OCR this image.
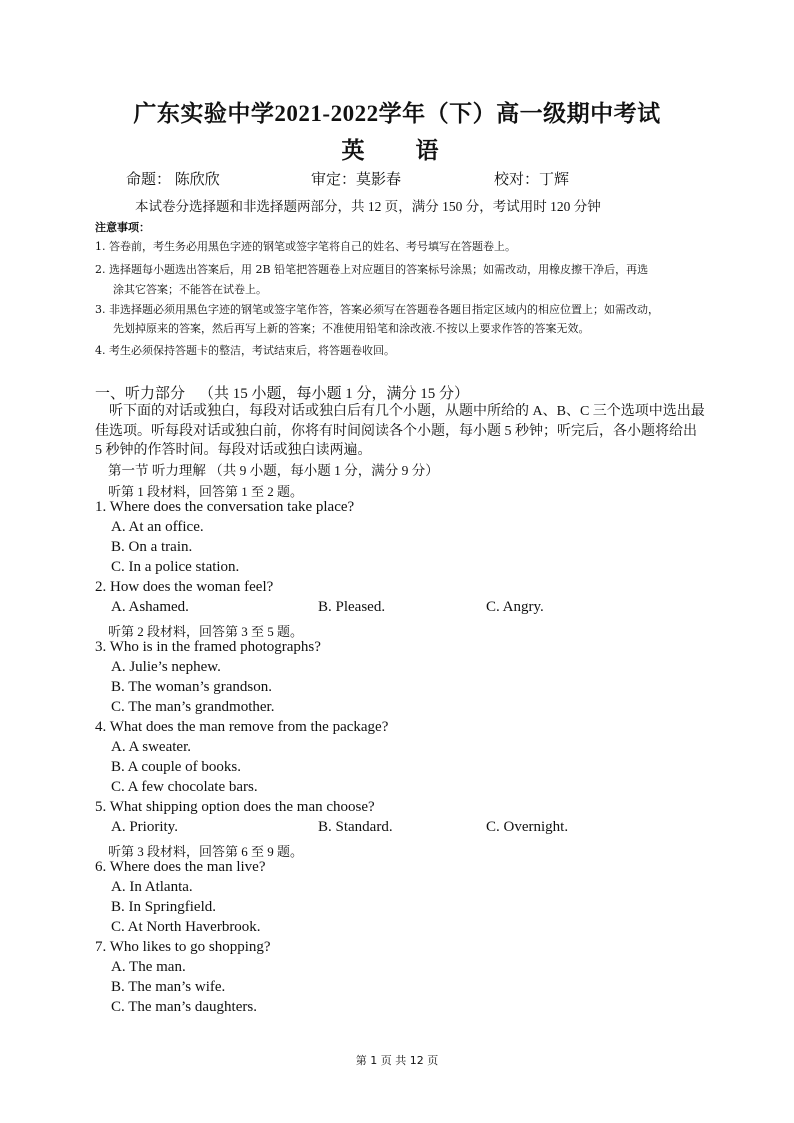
广东实验中学2021-2022学年（下）高一级期中考试
英　语
命题： 陈欣欣	审定：莫影春	校对：丁辉
本试卷分选择题和非选择题两部分，共 12 页，满分 150 分，考试用时 120 分钟
注意事项：
1. 答卷前，考生务必用黑色字迹的钢笔或签字笔将自己的姓名、考号填写在答题卷上。
2. 选择题每小题选出答案后，用 2B 铅笔把答题卷上对应题目的答案标号涂黑；如需改动，用橡皮擦干净后，再选
涂其它答案；不能答在试卷上。
3. 非选择题必须用黑色字迹的钢笔或签字笔作答，答案必须写在答题卷各题目指定区域内的相应位置上；如需改动，
先划掉原来的答案，然后再写上新的答案；不准使用铅笔和涂改液.不按以上要求作答的答案无效。
4. 考生必须保持答题卡的整洁，考试结束后，将答题卷收回。
一、听力部分 （共 15 小题，每小题 1 分，满分 15 分）
听下面的对话或独白，每段对话或独白后有几个小题，从题中所给的 A、B、C 三个选项中选出最
佳选项。听每段对话或独白前，你将有时间阅读各个小题，每小题 5 秒钟；听完后，各小题将给出
5 秒钟的作答时间。每段对话或独白读两遍。
第一节 听力理解 （共 9 小题，每小题 1 分，满分 9 分）
听第 1 段材料，回答第 1 至 2 题。
1. Where does the conversation take place?
A. At an office.
B. On a train.
C. In a police station.
2. How does the woman feel?
A. Ashamed.	B. Pleased.	C. Angry.
听第 2 段材料，回答第 3 至 5 题。
3. Who is in the framed photographs?
A. Julie’s nephew.
B. The woman’s grandson.
C. The man’s grandmother.
4. What does the man remove from the package?
A. A sweater.
B. A couple of books.
C. A few chocolate bars.
5. What shipping option does the man choose?
A. Priority.	B. Standard.	C. Overnight.
听第 3 段材料，回答第 6 至 9 题。
6. Where does the man live?
A. In Atlanta.
B. In Springfield.
C. At North Haverbrook.
7. Who likes to go shopping?
A. The man.
B. The man’s wife.
C. The man’s daughters.
第 1 页 共 12 页
